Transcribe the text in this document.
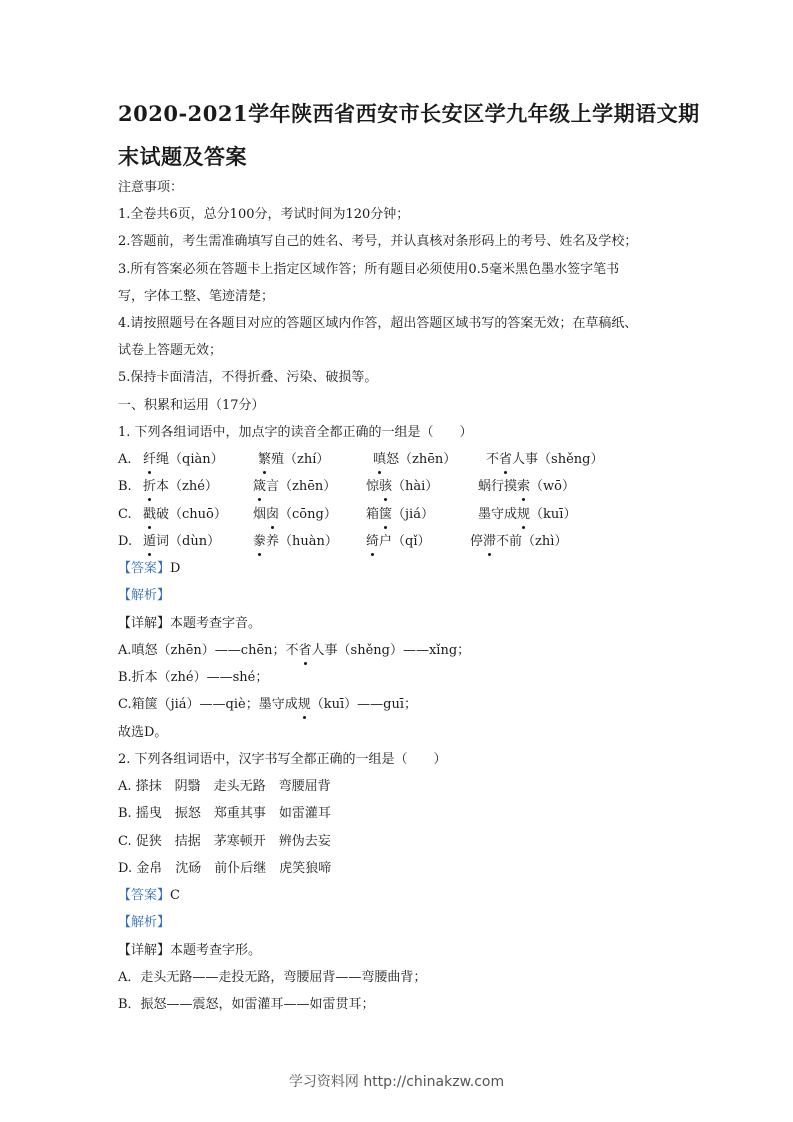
2020-2021学年陕西省西安市长安区学九年级上学期语文期
末试题及答案
注意事项：
1.全卷共6页，总分100分，考试时间为120分钟；
2.答题前，考生需准确填写自己的姓名、考号，并认真核对条形码上的考号、姓名及学校；
3.所有答案必须在答题卡上指定区域作答；所有题目必须使用0.5毫米黑色墨水签字笔书
写，字体工整、笔迹清楚；
4.请按照题号在各题目对应的答题区域内作答，超出答题区域书写的答案无效；在草稿纸、
试卷上答题无效；
5.保持卡面清洁，不得折叠、污染、破损等。
一、积累和运用（17分）
1. 下列各组词语中，加点字的读音全都正确的一组是（　　）
A. 纤绳（qiàn）	繁殖（zhí）	嗔怒（zhēn） 不省人事（shěng）
B. 折本（zhé）	箴言（zhēn） 惊骇（hài）	蜗行摸索（wō）
C. 戳破（chuō） 烟囱（cōng） 箱箧（jiá）	墨守成规（kuī）
D. 遁词（dùn）	豢养（huàn） 绮户（qǐ）	停滞不前（zhì）
【答案】D
【解析】
【详解】本题考查字音。
A.嗔怒（zhēn）——chēn；不省人事（shěng）——xǐng；
B.折本（zhé）——shé；
C.箱箧（jiá）——qiè；墨守成规（kuī）——guī；
故选D。
2. 下列各组词语中，汉字书写全都正确的一组是（　　）
A. 搽抹　阴翳　走头无路　弯腰屈背
B. 摇曳　振怒　郑重其事　如雷灌耳
C. 促狭　拮据　茅寒顿开　辨伪去妄
D. 金帛　沈砀　前仆后继　虎笑狼啼
【答案】C
【解析】
【详解】本题考查字形。
A．走头无路——走投无路，弯腰屈背——弯腰曲背；
B．振怒——震怒，如雷灌耳——如雷贯耳；
学习资料网 http://chinakzw.com
